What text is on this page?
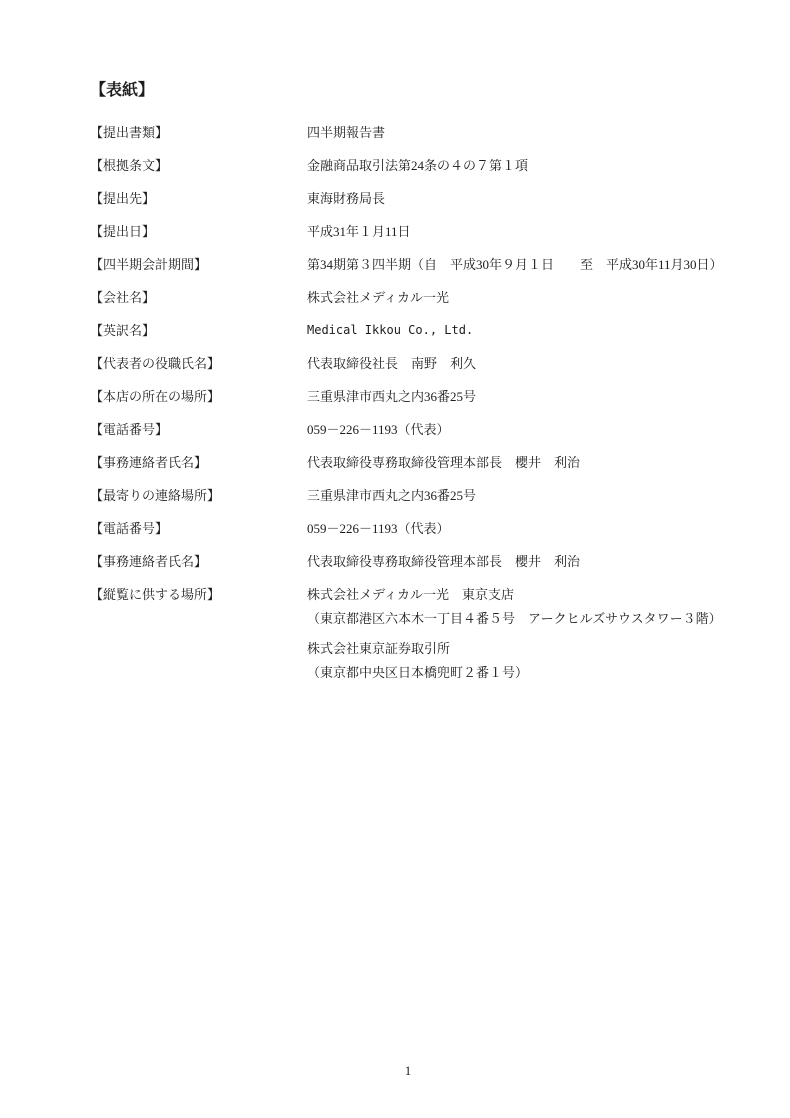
【表紙】
【提出書類】	四半期報告書
【根拠条文】	金融商品取引法第24条の４の７第１項
【提出先】	東海財務局長
【提出日】	平成31年１月11日
【四半期会計期間】	第34期第３四半期（自　平成30年９月１日　　至　平成30年11月30日）
【会社名】	株式会社メディカル一光
【英訳名】	Medical Ikkou Co., Ltd.
【代表者の役職氏名】	代表取締役社長　南野　利久
【本店の所在の場所】	三重県津市西丸之内36番25号
【電話番号】	059－226－1193（代表）
【事務連絡者氏名】	代表取締役専務取締役管理本部長　櫻井　利治
【最寄りの連絡場所】	三重県津市西丸之内36番25号
【電話番号】	059－226－1193（代表）
【事務連絡者氏名】	代表取締役専務取締役管理本部長　櫻井　利治
【縦覧に供する場所】	株式会社メディカル一光　東京支店
（東京都港区六本木一丁目４番５号　アークヒルズサウスタワー３階）
株式会社東京証券取引所
（東京都中央区日本橋兜町２番１号）
1
